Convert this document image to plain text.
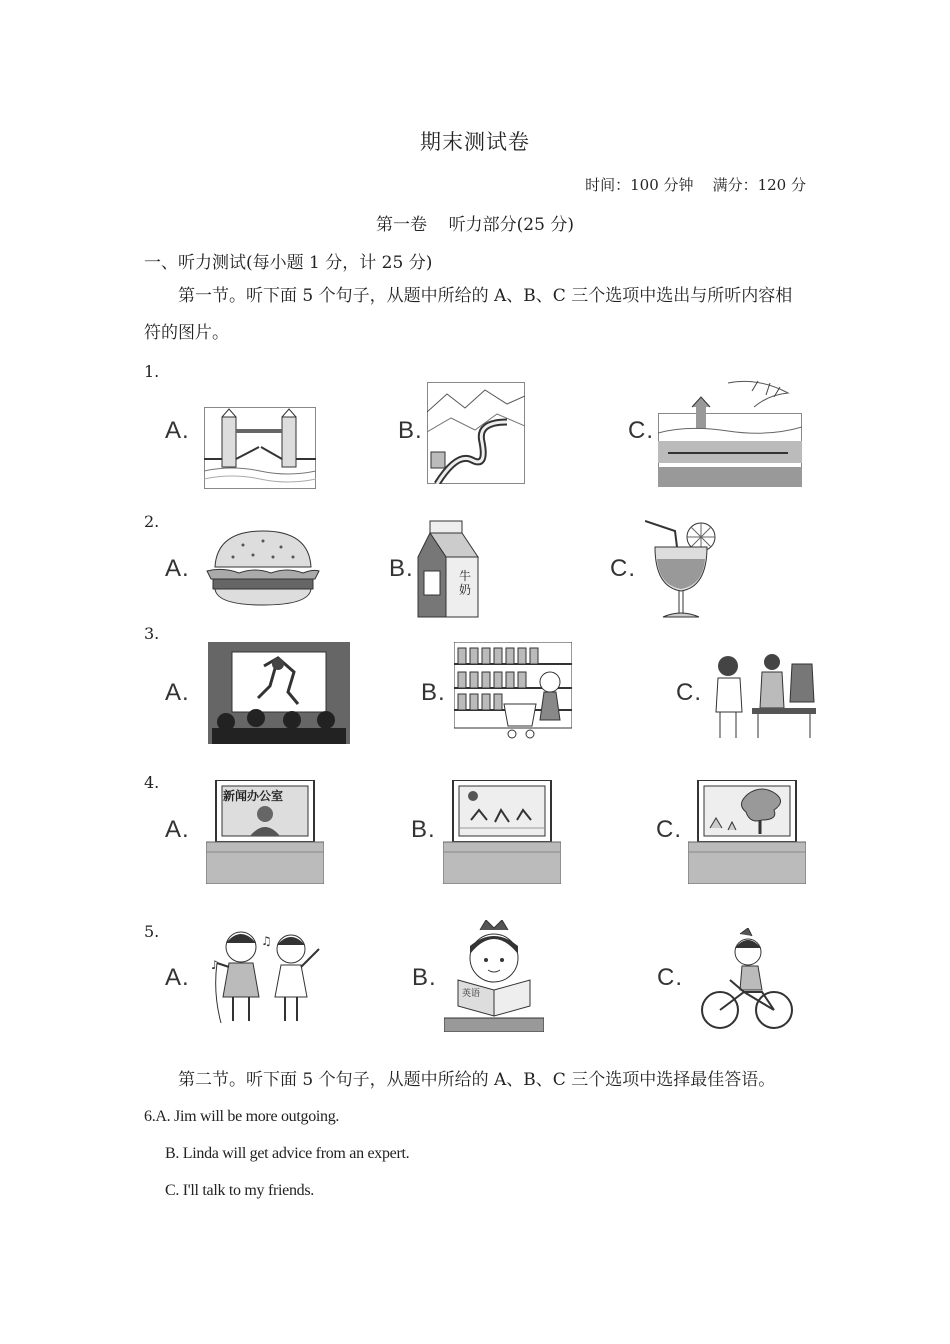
期末测试卷
时间：100 分钟    满分：120 分
第一卷    听力部分(25 分)
一、听力测试(每小题 1 分，计 25 分)
第一节。听下面 5 个句子，从题中所给的 A、B、C 三个选项中选出与所听内容相符的图片。
1.
A.	B.	C.
2.
A.	B.	牛
奶
C.
3.
A.	B.	C.
4.
A.
新闻办公室
B.	C.
5.
A. ♪
♫
B.
英语
C.
第二节。听下面 5 个句子，从题中所给的 A、B、C 三个选项中选择最佳答语。
6.A. Jim will be more outgoing.
B. Linda will get advice from an expert.
C. I'll talk to my friends.
